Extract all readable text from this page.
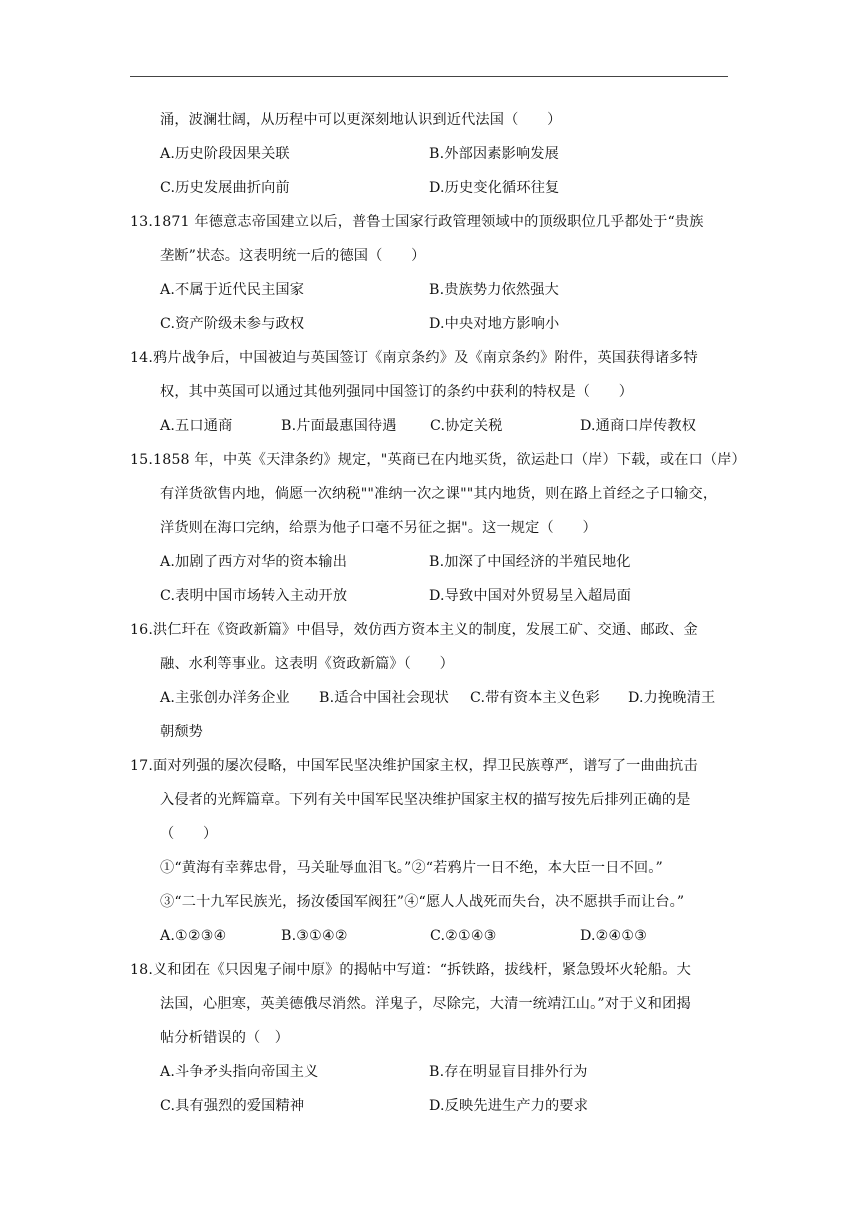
涌，波澜壮阔，从历程中可以更深刻地认识到近代法国（　　）
A.历史阶段因果关联	B.外部因素影响发展
C.历史发展曲折向前	D.历史变化循环往复
13.1871 年德意志帝国建立以后，普鲁士国家行政管理领域中的顶级职位几乎都处于“贵族
垄断”状态。这表明统一后的德国（　　）
A.不属于近代民主国家	B.贵族势力依然强大
C.资产阶级未参与政权	D.中央对地方影响小
14.鸦片战争后，中国被迫与英国签订《南京条约》及《南京条约》附件，英国获得诸多特
权，其中英国可以通过其他列强同中国签订的条约中获利的特权是（　　）
A.五口通商	B.片面最惠国待遇 C.协定关税	D.通商口岸传教权
15.1858 年，中英《天津条约》规定，"英商已在内地买货，欲运赴口（岸）下载，或在口（岸）
有洋货欲售内地，倘愿一次纳税""准纳一次之课""其内地货，则在路上首经之子口输交，
洋货则在海口完纳，给票为他子口毫不另征之据"。这一规定（　　）
A.加剧了西方对华的资本输出	B.加深了中国经济的半殖民地化
C.表明中国市场转入主动开放	D.导致中国对外贸易呈入超局面
16.洪仁玕在《资政新篇》中倡导，效仿西方资本主义的制度，发展工矿、交通、邮政、金
融、水利等事业。这表明《资政新篇》（　　）
A.主张创办洋务企业 B.适合中国社会现状 C.带有资本主义色彩 D.力挽晚清王
朝颓势
17.面对列强的屡次侵略，中国军民坚决维护国家主权，捍卫民族尊严，谱写了一曲曲抗击
入侵者的光辉篇章。下列有关中国军民坚决维护国家主权的描写按先后排列正确的是
（　　）
①“黄海有幸葬忠骨，马关耻辱血泪飞。”②“若鸦片一日不绝，本大臣一日不回。”
③“二十九军民族光，扬汝倭国军阀狂”④“愿人人战死而失台，决不愿拱手而让台。”
A.①②③④	B.③①④②	C.②①④③	D.②④①③
18.义和团在《只因鬼子闹中原》的揭帖中写道：“拆铁路，拔线杆，紧急毁坏火轮船。大
法国，心胆寒，英美德俄尽消然。洋鬼子，尽除完，大清一统靖江山。”对于义和团揭
帖分析错误的（　）
A.斗争矛头指向帝国主义	B.存在明显盲目排外行为
C.具有强烈的爱国精神	D.反映先进生产力的要求
